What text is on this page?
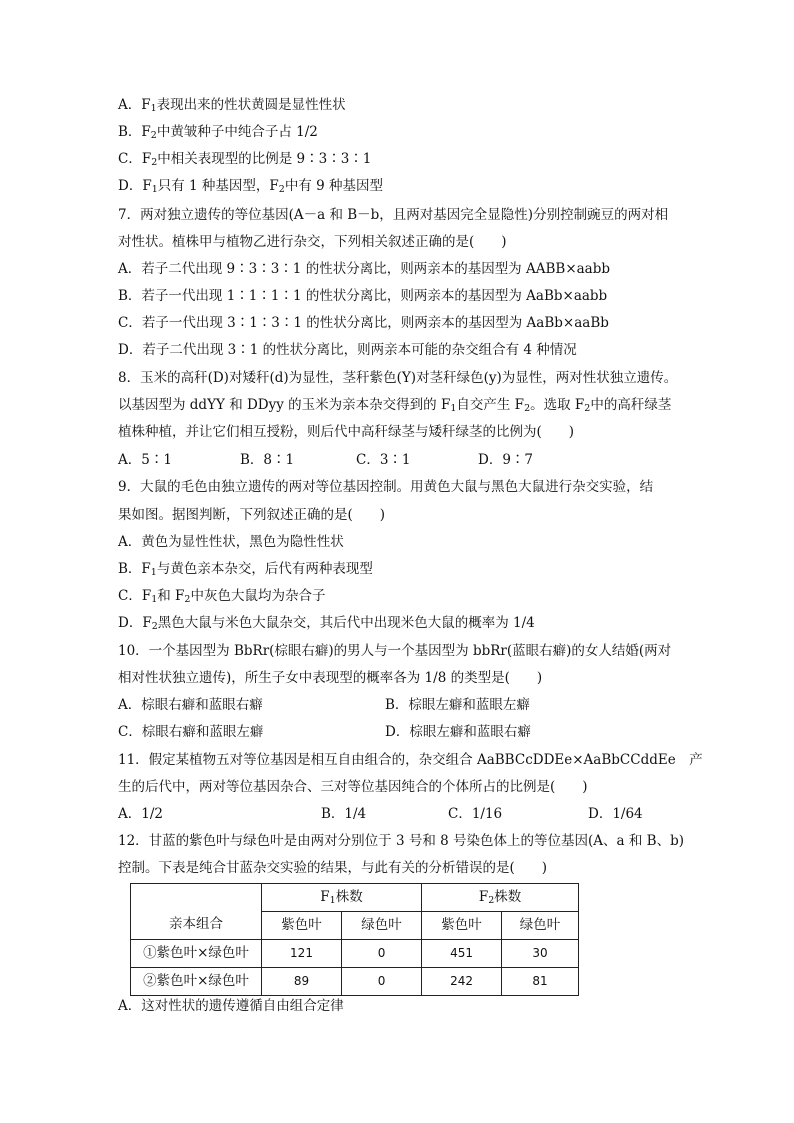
A．$F_1$表现出来的性状黄圆是显性性状
B．$F_2$中黄皱种子中纯合子占 1/2
C．$F_2$中相关表现型的比例是 9∶3∶3∶1
D．$F_1$只有 1 种基因型，$F_2$中有 9 种基因型
7．两对独立遗传的等位基因(A－a 和 B－b，且两对基因完全显隐性)分别控制豌豆的两对相
对性状。植株甲与植物乙进行杂交，下列相关叙述正确的是(　　)
A．若子二代出现 9∶3∶3∶1 的性状分离比，则两亲本的基因型为 AABB×aabb
B．若子一代出现 1∶1∶1∶1 的性状分离比，则两亲本的基因型为 AaBb×aabb
C．若子一代出现 3∶1∶3∶1 的性状分离比，则两亲本的基因型为 AaBb×aaBb
D．若子二代出现 3∶1 的性状分离比，则两亲本可能的杂交组合有 4 种情况
8．玉米的高秆(D)对矮秆(d)为显性，茎秆紫色(Y)对茎秆绿色(y)为显性，两对性状独立遗传。
以基因型为 ddYY 和 DDyy 的玉米为亲本杂交得到的 $F_1$自交产生 $F_2$。选取 $F_2$中的高秆绿茎
植株种植，并让它们相互授粉，则后代中高秆绿茎与矮秆绿茎的比例为(　　)
A．5∶1	B．8∶1	C．3∶1	D．9∶7
9．大鼠的毛色由独立遗传的两对等位基因控制。用黄色大鼠与黑色大鼠进行杂交实验，结
果如图。据图判断，下列叙述正确的是(　　)
A．黄色为显性性状，黑色为隐性性状
B．$F_1$与黄色亲本杂交，后代有两种表现型
C．$F_1$和 $F_2$中灰色大鼠均为杂合子
D．$F_2$黑色大鼠与米色大鼠杂交，其后代中出现米色大鼠的概率为 1/4
10．一个基因型为 BbRr(棕眼右癖)的男人与一个基因型为 bbRr(蓝眼右癖)的女人结婚(两对
相对性状独立遗传)，所生子女中表现型的概率各为 1/8 的类型是(　　)
A．棕眼右癖和蓝眼右癖	B．棕眼左癖和蓝眼左癖
C．棕眼右癖和蓝眼左癖	D．棕眼左癖和蓝眼右癖
11．假定某植物五对等位基因是相互自由组合的，杂交组合 AaBBCcDDEe×AaBbCCddEe　产
生的后代中，两对等位基因杂合、三对等位基因纯合的个体所占的比例是(　　)
A．1/2	B．1/4	C．1/16	D．1/64
12．甘蓝的紫色叶与绿色叶是由两对分别位于 3 号和 8 号染色体上的等位基因(A、a 和 B、b)
控制。下表是纯合甘蓝杂交实验的结果，与此有关的分析错误的是(　　)
亲本组合	$F_1$株数		$F_2$株数	
	紫色叶	绿色叶	紫色叶	绿色叶
①紫色叶×绿色叶	121	0	451	30
②紫色叶×绿色叶	89	0	242	81
A．这对性状的遗传遵循自由组合定律
